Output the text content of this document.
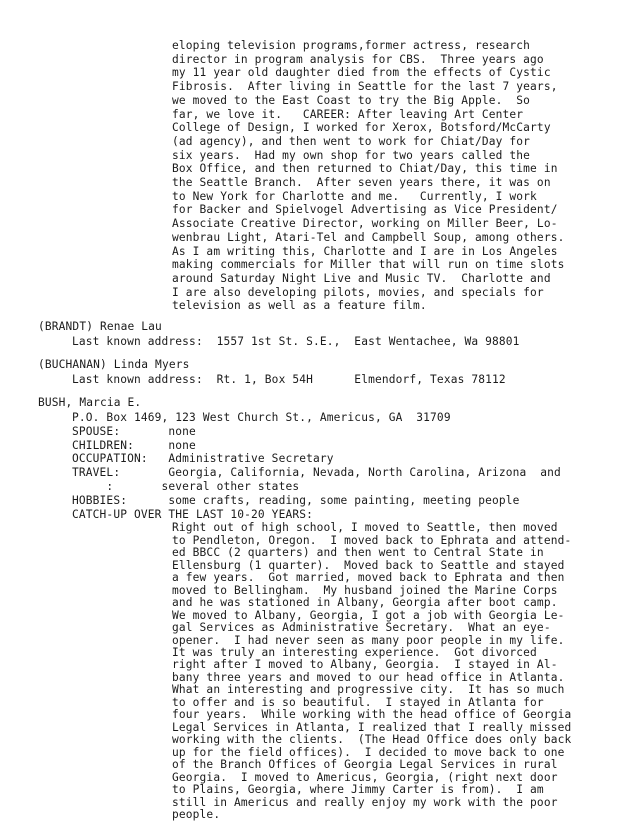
eloping television programs,former actress, research
director in program analysis for CBS.  Three years ago
my 11 year old daughter died from the effects of Cystic
Fibrosis.  After living in Seattle for the last 7 years,
we moved to the East Coast to try the Big Apple.  So
far, we love it.   CAREER: After leaving Art Center
College of Design, I worked for Xerox, Botsford/McCarty
(ad agency), and then went to work for Chiat/Day for
six years.  Had my own shop for two years called the
Box Office, and then returned to Chiat/Day, this time in
the Seattle Branch.  After seven years there, it was on
to New York for Charlotte and me.   Currently, I work
for Backer and Spielvogel Advertising as Vice President/
Associate Creative Director, working on Miller Beer, Lo-
wenbrau Light, Atari-Tel and Campbell Soup, among others.
As I am writing this, Charlotte and I are in Los Angeles
making commercials for Miller that will run on time slots
around Saturday Night Live and Music TV.  Charlotte and
I are also developing pilots, movies, and specials for
television as well as a feature film.
(BRANDT) Renae Lau
Last known address:  1557 1st St. S.E.,  East Wentachee, Wa 98801
(BUCHANAN) Linda Myers
Last known address:  Rt. 1, Box 54H      Elmendorf, Texas 78112
BUSH, Marcia E.
P.O. Box 1469, 123 West Church St., Americus, GA  31709
SPOUSE:       none
CHILDREN:     none
OCCUPATION:   Administrative Secretary
TRAVEL:       Georgia, California, Nevada, North Carolina, Arizona  and
:       several other states
HOBBIES:      some crafts, reading, some painting, meeting people
CATCH-UP OVER THE LAST 10-20 YEARS:
Right out of high school, I moved to Seattle, then moved
to Pendleton, Oregon.  I moved back to Ephrata and attend-
ed BBCC (2 quarters) and then went to Central State in
Ellensburg (1 quarter).  Moved back to Seattle and stayed
a few years.  Got married, moved back to Ephrata and then
moved to Bellingham.  My husband joined the Marine Corps
and he was stationed in Albany, Georgia after boot camp.
We moved to Albany, Georgia, I got a job with Georgia Le-
gal Services as Administrative Secretary.  What an eye-
opener.  I had never seen as many poor people in my life.
It was truly an interesting experience.  Got divorced
right after I moved to Albany, Georgia.  I stayed in Al-
bany three years and moved to our head office in Atlanta.
What an interesting and progressive city.  It has so much
to offer and is so beautiful.  I stayed in Atlanta for
four years.  While working with the head office of Georgia
Legal Services in Atlanta, I realized that I really missed
working with the clients.  (The Head Office does only back
up for the field offices).  I decided to move back to one
of the Branch Offices of Georgia Legal Services in rural
Georgia.  I moved to Americus, Georgia, (right next door
to Plains, Georgia, where Jimmy Carter is from).  I am
still in Americus and really enjoy my work with the poor
people.
